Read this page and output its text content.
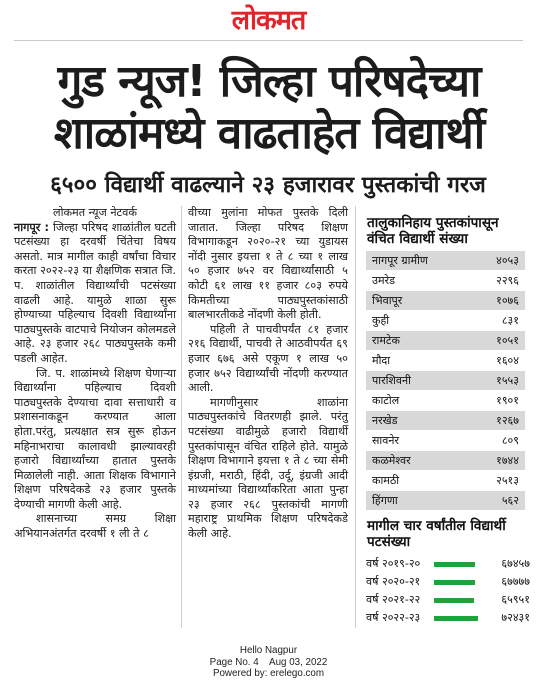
लोकमत
गुड न्यूज! जिल्हा परिषदेच्या
शाळांमध्ये वाढताहेत विद्यार्थी
६५०० विद्यार्थी वाढल्याने २३ हजारावर पुस्तकांची गरज

लोकमत न्यूज नेटवर्क

नागपूर : जिल्हा परिषद शाळांतील घटती पटसंख्या हा दरवर्षी चिंतेचा विषय असतो. मात्र मागील काही वर्षांचा विचार करता २०२२-२३ या शैक्षणिक सत्रात जि. प. शाळांतील विद्यार्थ्यांची पटसंख्या वाढली आहे. यामुळे शाळा सुरू होण्याच्या पहिल्याच दिवशी विद्यार्थ्यांना पाठ्यपुस्तके वाटपाचे नियोजन कोलमडले आहे. २३ हजार २६८ पाठ्यपुस्तके कमी पडली आहेत.

जि. प. शाळांमध्ये शिक्षण घेणाऱ्या विद्यार्थ्यांना पहिल्याच दिवशी पाठ्यपुस्तके देण्याचा दावा सत्ताधारी व प्रशासनाकडून करण्यात आला होता.परंतु, प्रत्यक्षात सत्र सुरू होऊन महिनाभराचा कालावधी झाल्यावरही हजारो विद्यार्थ्यांच्या हातात पुस्तके मिळालेली नाही. आता शिक्षक विभागाने शिक्षण परिषदेकडे २३ हजार पुस्तके देण्याची मागणी केली आहे.

शासनाच्या समग्र शिक्षा अभियानअंतर्गत दरवर्षी १ ली ते ८

वीच्या मुलांना मोफत पुस्तके दिली जातात. जिल्हा परिषद शिक्षण विभागाकडून २०२०-२१ च्या युडायस नोंदी नुसार इयत्ता १ ते ८ च्या १ लाख ५० हजार ७५२ वर विद्यार्थ्यांसाठी ५ कोटी ६१ लाख ११ हजार ८०३ रुपये किमतीच्या पाठ्यपुस्तकांसाठी बालभारतीकडे नोंदणी केली होती.

पहिली ते पाचवीपर्यंत ८१ हजार २१६ विद्यार्थी, पाचवी ते आठवीपर्यंत ६९ हजार ६७६ असे एकूण १ लाख ५० हजार ७५२ विद्यार्थ्यांची नोंदणी करण्यात आली.

मागणीनुसार शाळांना पाठ्यपुस्तकांचे वितरणही झाले. परंतु पटसंख्या वाढीमुळे हजारो विद्यार्थी पुस्तकांपासून वंचित राहिले होते. यामुळे शिक्षण विभागाने इयत्ता १ ते ८ च्या सेमी इंग्रजी, मराठी, हिंदी, उर्दू, इंग्रजी आदी माध्यमांच्या विद्यार्थ्यांकरिता आता पुन्हा २३ हजार २६८ पुस्तकांची मागणी महाराष्ट्र प्राथमिक शिक्षण परिषदेकडे केली आहे.

तालुकानिहाय पुस्तकांपासून वंचित विद्यार्थी संख्या
नागपूर ग्रामीण	४०५३
उमरेड	२२९६
भिवापूर	१०७६
कुही	८३१
रामटेक	१०५१
मौदा	१६०४
पारशिवनी	१५५३
काटोल	१९०१
नरखेड	१२६७
सावनेर	८०९
कळमेश्वर	१७४४
कामठी	२५१३
हिंगणा	५६२
मागील चार वर्षांतील विद्यार्थी पटसंख्या
वर्ष २०१९-२०	६७४५७
वर्ष २०२०-२१	६७७७७
वर्ष २०२१-२२	६५९५१
वर्ष २०२२-२३	७२४३१
Hello Nagpur
Page No. 4    Aug 03, 2022
Powered by: erelego.com
